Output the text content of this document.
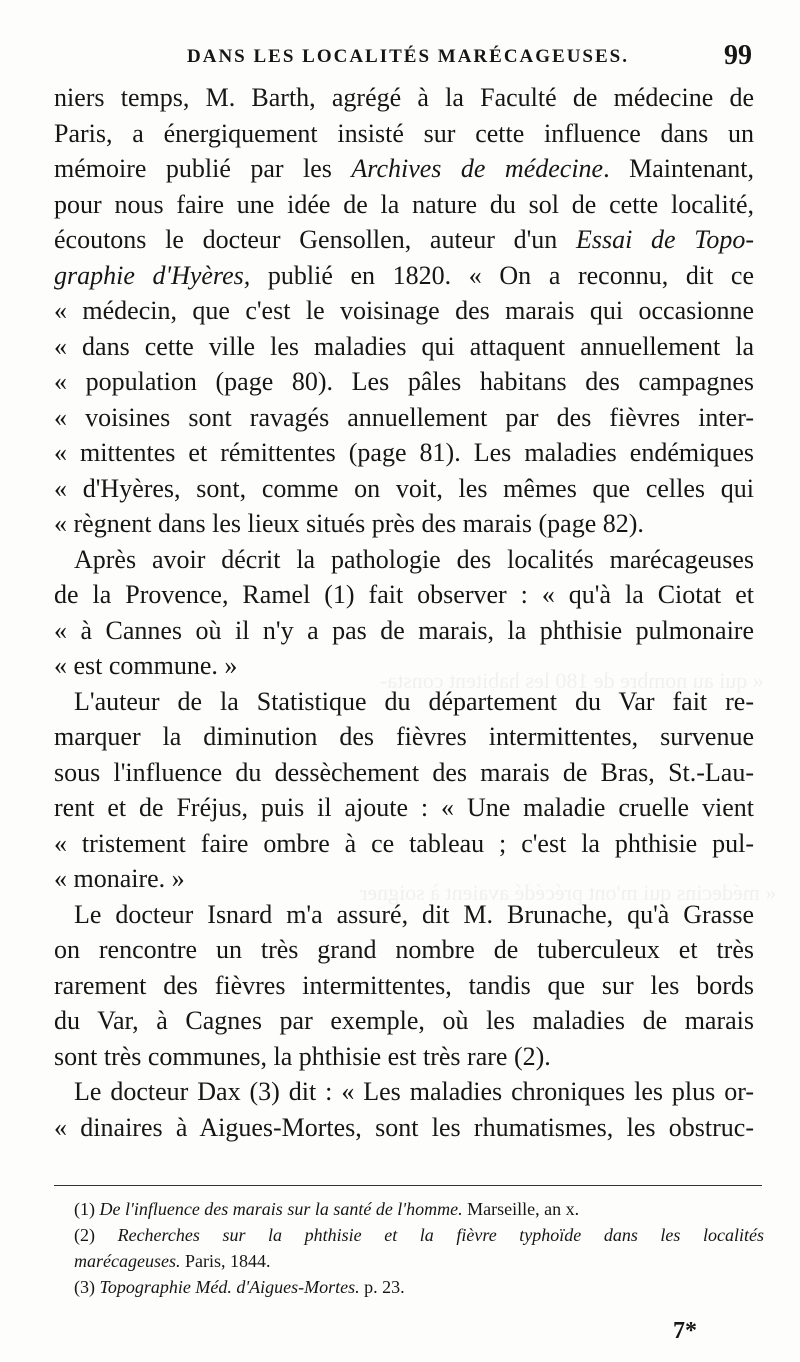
« qui au nombre de 180 les habitent consta-
« médecins qui m'ont précédé avaient à soigner
DANS LES LOCALITÉS MARÉCAGEUSES.	99
niers temps, M. Barth, agrégé à la Faculté de médecine de
Paris, a énergiquement insisté sur cette influence dans un
mémoire publié par les Archives de médecine. Maintenant,
pour nous faire une idée de la nature du sol de cette localité,
écoutons le docteur Gensollen, auteur d'un Essai de Topo-
graphie d'Hyères, publié en 1820. « On a reconnu, dit ce
« médecin, que c'est le voisinage des marais qui occasionne
« dans cette ville les maladies qui attaquent annuellement la
« population (page 80). Les pâles habitans des campagnes
« voisines sont ravagés annuellement par des fièvres inter-
« mittentes et rémittentes (page 81). Les maladies endémiques
« d'Hyères, sont, comme on voit, les mêmes que celles qui
« règnent dans les lieux situés près des marais (page 82).
Après avoir décrit la pathologie des localités marécageuses
de la Provence, Ramel (1) fait observer : « qu'à la Ciotat et
« à Cannes où il n'y a pas de marais, la phthisie pulmonaire
« est commune. »
L'auteur de la Statistique du département du Var fait re-
marquer la diminution des fièvres intermittentes, survenue
sous l'influence du dessèchement des marais de Bras, St.-Lau-
rent et de Fréjus, puis il ajoute : « Une maladie cruelle vient
« tristement faire ombre à ce tableau ; c'est la phthisie pul-
« monaire. »
Le docteur Isnard m'a assuré, dit M. Brunache, qu'à Grasse
on rencontre un très grand nombre de tuberculeux et très
rarement des fièvres intermittentes, tandis que sur les bords
du Var, à Cagnes par exemple, où les maladies de marais
sont très communes, la phthisie est très rare (2).
Le docteur Dax (3) dit : « Les maladies chroniques les plus or-
« dinaires à Aigues-Mortes, sont les rhumatismes, les obstruc-
(1) De l'influence des marais sur la santé de l'homme. Marseille, an x.
(2) Recherches sur la phthisie et la fièvre typhoïde dans les localités
marécageuses. Paris, 1844.
(3) Topographie Méd. d'Aigues-Mortes. p. 23.
7*
